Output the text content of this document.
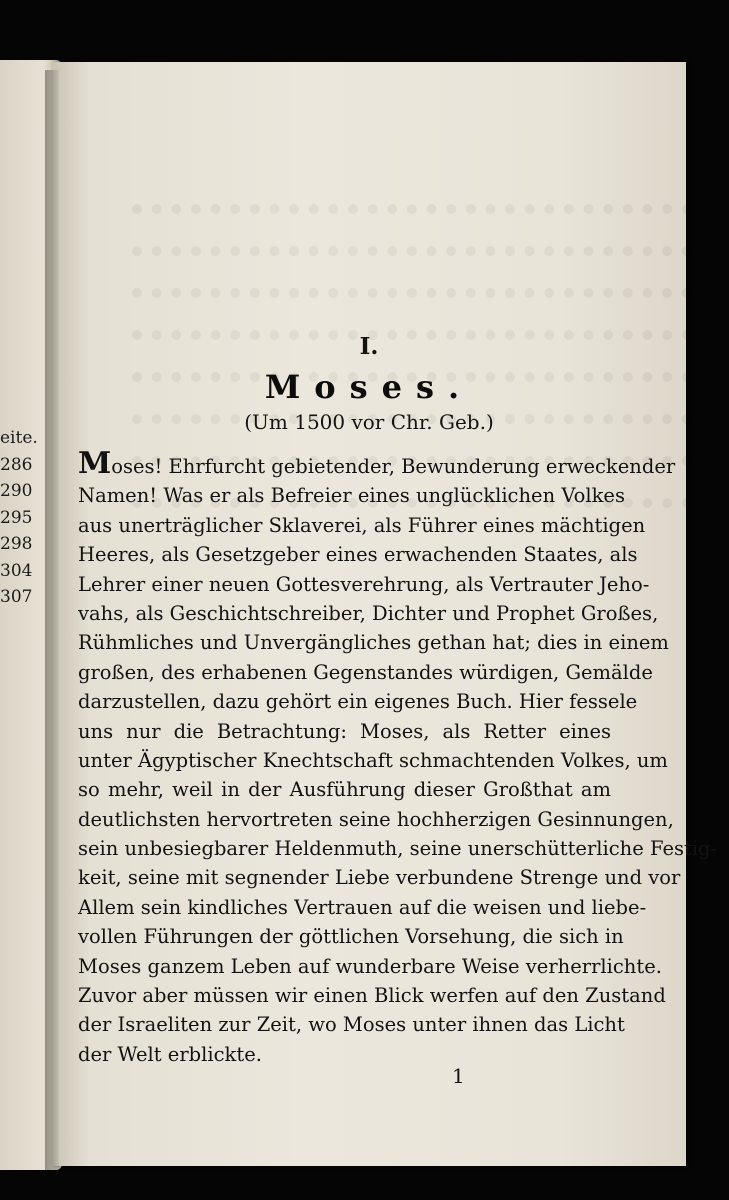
eite.
286
290
295
298
304
307
I.
Moses.
(Um 1500 vor Chr. Geb.)
Moses! Ehrfurcht gebietender, Bewunderung erweckender
Namen! Was er als Befreier eines unglücklichen Volkes
aus unerträglicher Sklaverei, als Führer eines mächtigen
Heeres, als Gesetzgeber eines erwachenden Staates, als
Lehrer einer neuen Gottesverehrung, als Vertrauter Jeho-
vahs, als Geschichtschreiber, Dichter und Prophet Großes,
Rühmliches und Unvergängliches gethan hat; dies in einem
großen, des erhabenen Gegenstandes würdigen, Gemälde
darzustellen, dazu gehört ein eigenes Buch. Hier fessele
uns nur die Betrachtung: Moses, als Retter eines
unter Ägyptischer Knechtschaft schmachtenden Volkes, um
so mehr, weil in der Ausführung dieser Großthat am
deutlichsten hervortreten seine hochherzigen Gesinnungen,
sein unbesiegbarer Heldenmuth, seine unerschütterliche Festig-
keit, seine mit segnender Liebe verbundene Strenge und vor
Allem sein kindliches Vertrauen auf die weisen und liebe-
vollen Führungen der göttlichen Vorsehung, die sich in
Moses ganzem Leben auf wunderbare Weise verherrlichte.
Zuvor aber müssen wir einen Blick werfen auf den Zustand
der Israeliten zur Zeit, wo Moses unter ihnen das Licht
der Welt erblickte.
1
